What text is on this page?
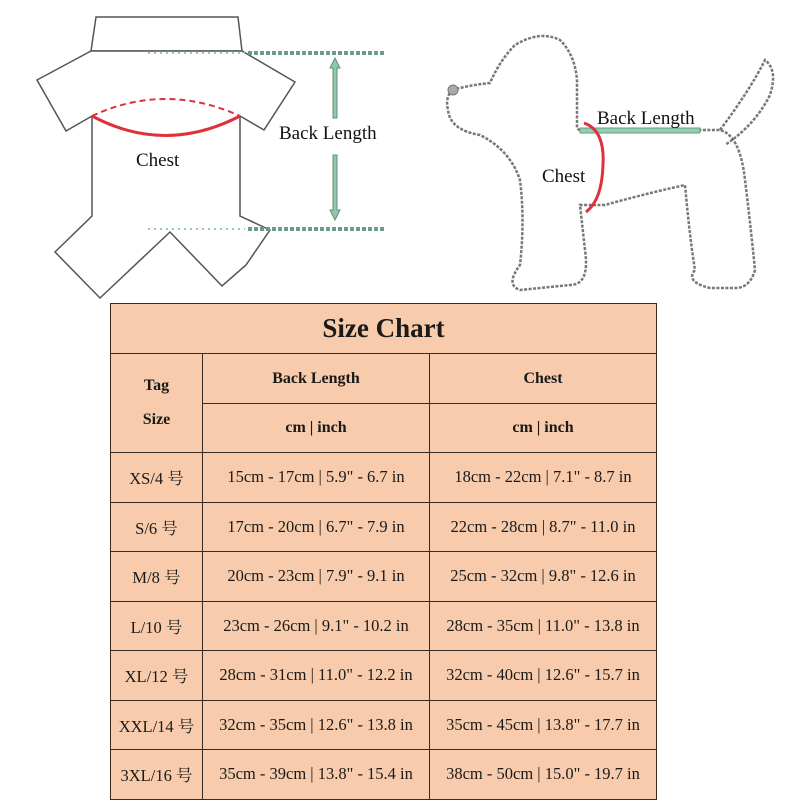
Chest
Back Length
Back Length
Chest
Size Chart		

Tag
Size	Back Length	Chest
	cm | inch	cm | inch
XS/4 号	15cm - 17cm | 5.9" - 6.7 in	18cm - 22cm | 7.1" - 8.7 in
S/6 号	17cm - 20cm | 6.7" - 7.9 in	22cm - 28cm | 8.7" - 11.0 in
M/8 号	20cm - 23cm | 7.9" - 9.1 in	25cm - 32cm | 9.8" - 12.6 in
L/10 号	23cm - 26cm | 9.1" - 10.2 in	28cm - 35cm | 11.0" - 13.8 in
XL/12 号	28cm - 31cm | 11.0" - 12.2 in	32cm - 40cm | 12.6" - 15.7 in
XXL/14 号	32cm - 35cm | 12.6" - 13.8 in	35cm - 45cm | 13.8" - 17.7 in
3XL/16 号	35cm - 39cm | 13.8" - 15.4 in	38cm - 50cm | 15.0" - 19.7 in
